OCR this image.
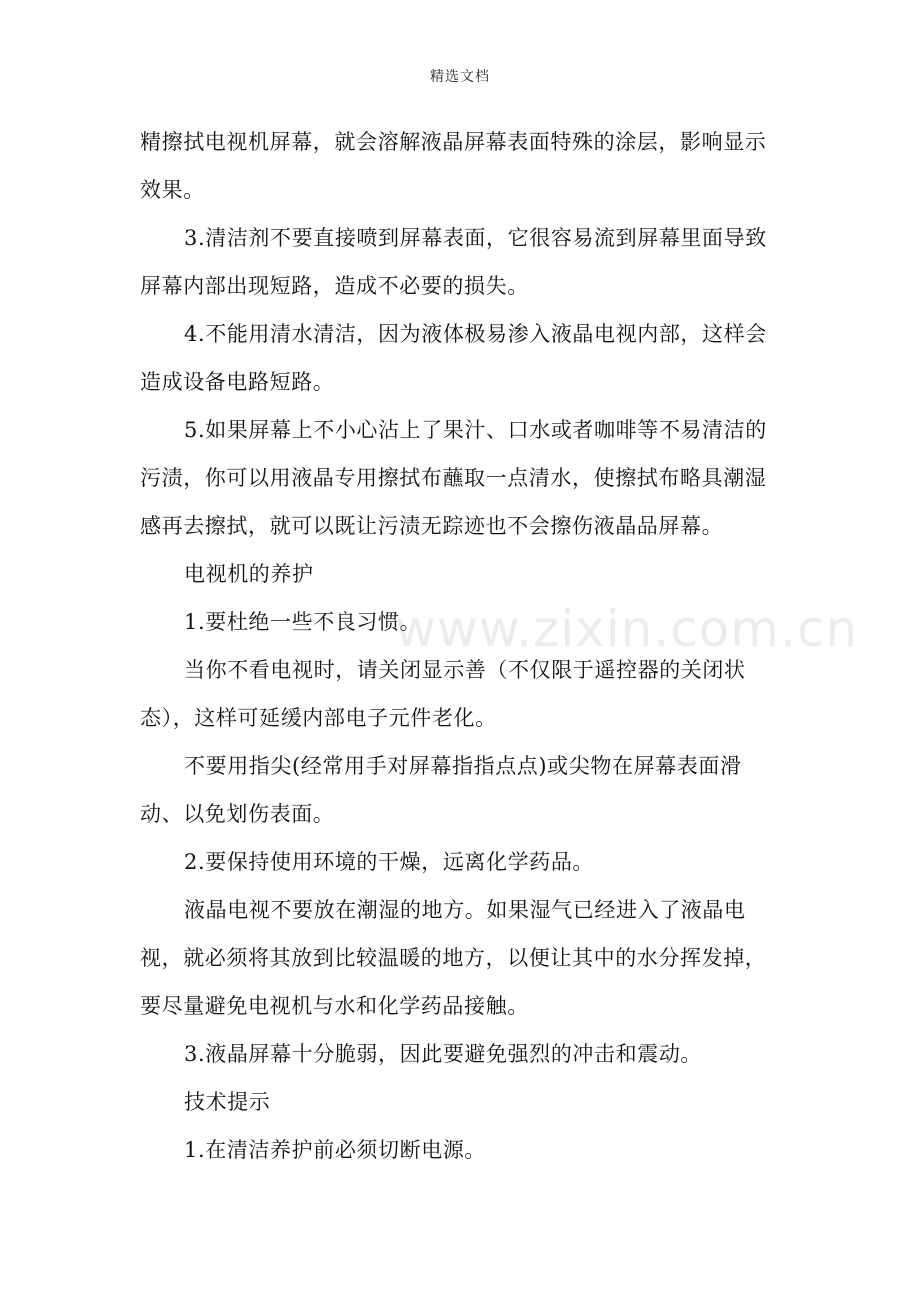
精选文档

精擦拭电视机屏幕，就会溶解液晶屏幕表面特殊的涂层，影响显示效果。

3.清洁剂不要直接喷到屏幕表面，它很容易流到屏幕里面导致屏幕内部出现短路，造成不必要的损失。

4.不能用清水清洁，因为液体极易渗入液晶电视内部，这样会造成设备电路短路。

5.如果屏幕上不小心沾上了果汁、口水或者咖啡等不易清洁的污渍，你可以用液晶专用擦拭布蘸取一点清水，使擦拭布略具潮湿感再去擦拭，就可以既让污渍无踪迹也不会擦伤液晶品屏幕。

电视机的养护

1.要杜绝一些不良习惯。

当你不看电视时，请关闭显示善（不仅限于遥控器的关闭状态），这样可延缓内部电子元件老化。

不要用指尖(经常用手对屏幕指指点点)或尖物在屏幕表面滑动、以免划伤表面。

2.要保持使用环境的干燥，远离化学药品。

液晶电视不要放在潮湿的地方。如果湿气已经进入了液晶电视，就必须将其放到比较温暖的地方，以便让其中的水分挥发掉，要尽量避免电视机与水和化学药品接触。

3.液晶屏幕十分脆弱，因此要避免强烈的冲击和震动。

技术提示

1.在清洁养护前必须切断电源。

www.zixin.com.cn
